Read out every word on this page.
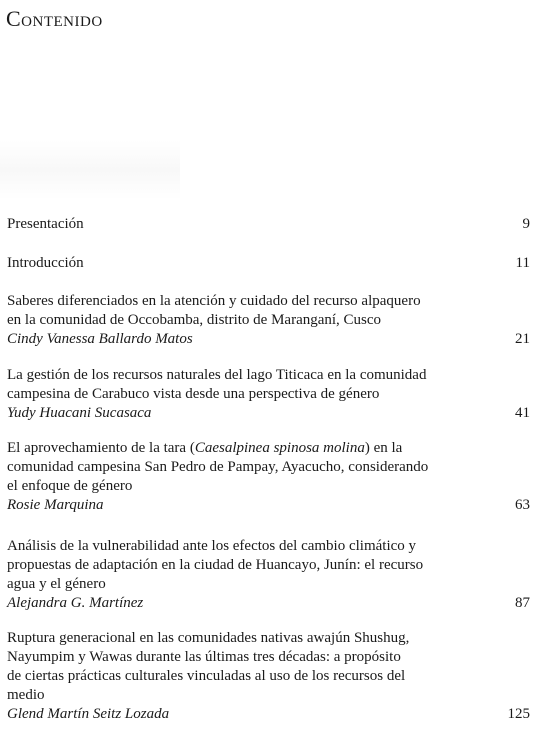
Contenido
Presentación	9
Introducción	11
Saberes diferenciados en la atención y cuidado del recurso alpaquero
en la comunidad de Occobamba, distrito de Maranganí, Cusco
Cindy Vanessa Ballardo Matos	21
La gestión de los recursos naturales del lago Titicaca en la comunidad
campesina de Carabuco vista desde una perspectiva de género
Yudy Huacani Sucasaca	41
El aprovechamiento de la tara (Caesalpinea spinosa molina) en la
comunidad campesina San Pedro de Pampay, Ayacucho, considerando
el enfoque de género
Rosie Marquina	63
Análisis de la vulnerabilidad ante los efectos del cambio climático y
propuestas de adaptación en la ciudad de Huancayo, Junín: el recurso
agua y el género
Alejandra G. Martínez	87
Ruptura generacional en las comunidades nativas awajún Shushug,
Nayumpim y Wawas durante las últimas tres décadas: a propósito
de ciertas prácticas culturales vinculadas al uso de los recursos del
medio
Glend Martín Seitz Lozada	125
